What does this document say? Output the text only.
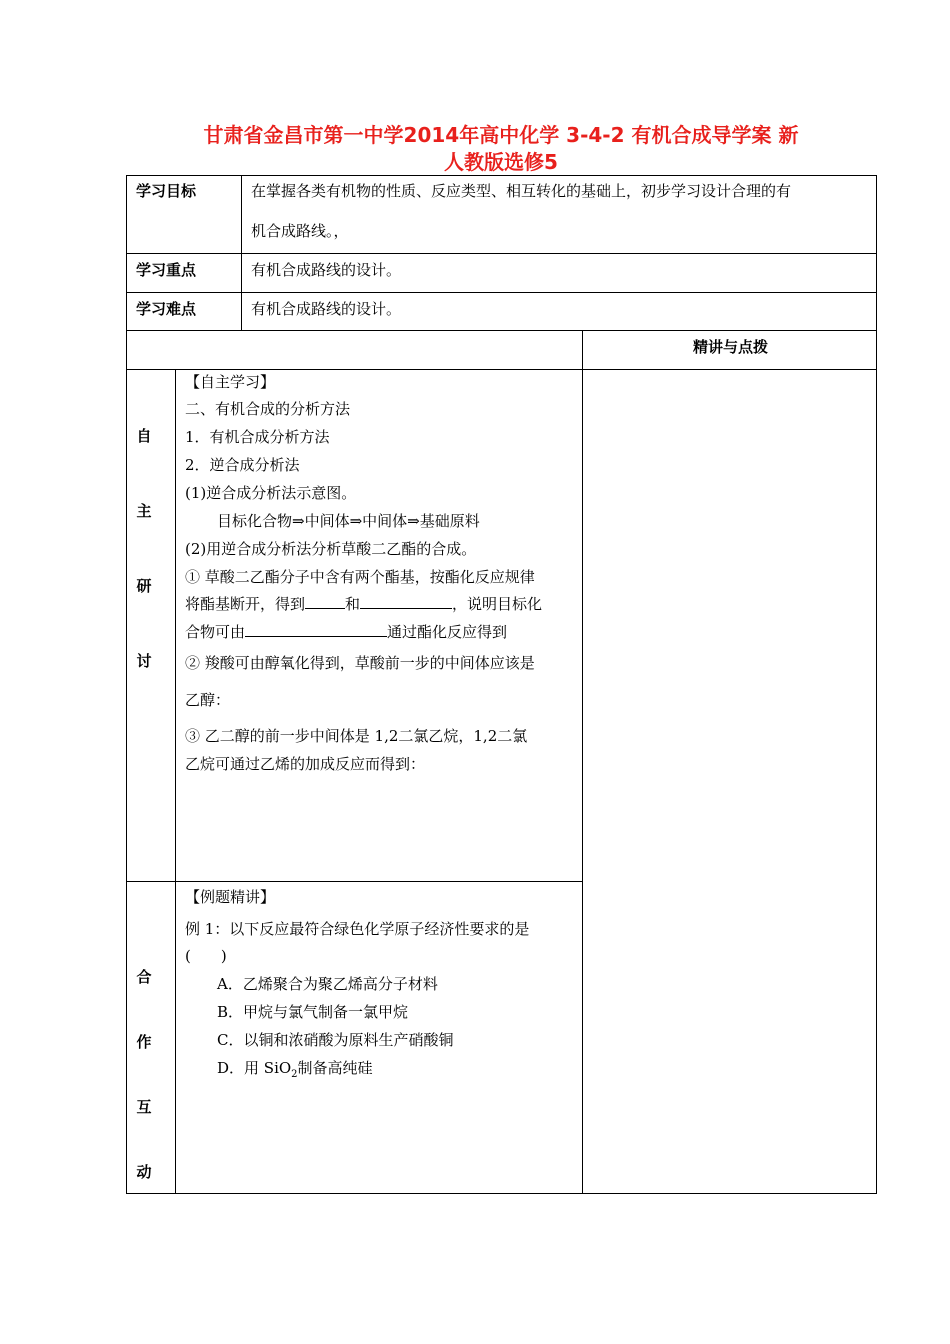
甘肃省金昌市第一中学2014年高中化学 3-4-2 有机合成导学案 新
人教版选修5
学习目标	在掌握各类有机物的性质、反应类型、相互转化的基础上，初步学习设计合理的有
机合成路线。，
学习重点	有机合成路线的设计。
学习难点	有机合成路线的设计。
精讲与点拨
自
主
研
讨
【自主学习】
二、有机合成的分析方法
1．有机合成分析方法
2．逆合成分析法
(1)逆合成分析法示意图。
目标化合物⇒中间体⇒中间体⇒基础原料
(2)用逆合成分析法分析草酸二乙酯的合成。
① 草酸二乙酯分子中含有两个酯基，按酯化反应规律
将酯基断开，得到	和	，说明目标化
合物可由	通过酯化反应得到
② 羧酸可由醇氧化得到，草酸前一步的中间体应该是
乙醇：
③ 乙二醇的前一步中间体是 1,2二氯乙烷，1,2二氯
乙烷可通过乙烯的加成反应而得到：
合
作
互
动
【例题精讲】
例 1：以下反应最符合绿色化学原子经济性要求的是
(　　)
A．乙烯聚合为聚乙烯高分子材料
B．甲烷与氯气制备一氯甲烷
C．以铜和浓硝酸为原料生产硝酸铜
D．用 SiO$_2$制备高纯硅
